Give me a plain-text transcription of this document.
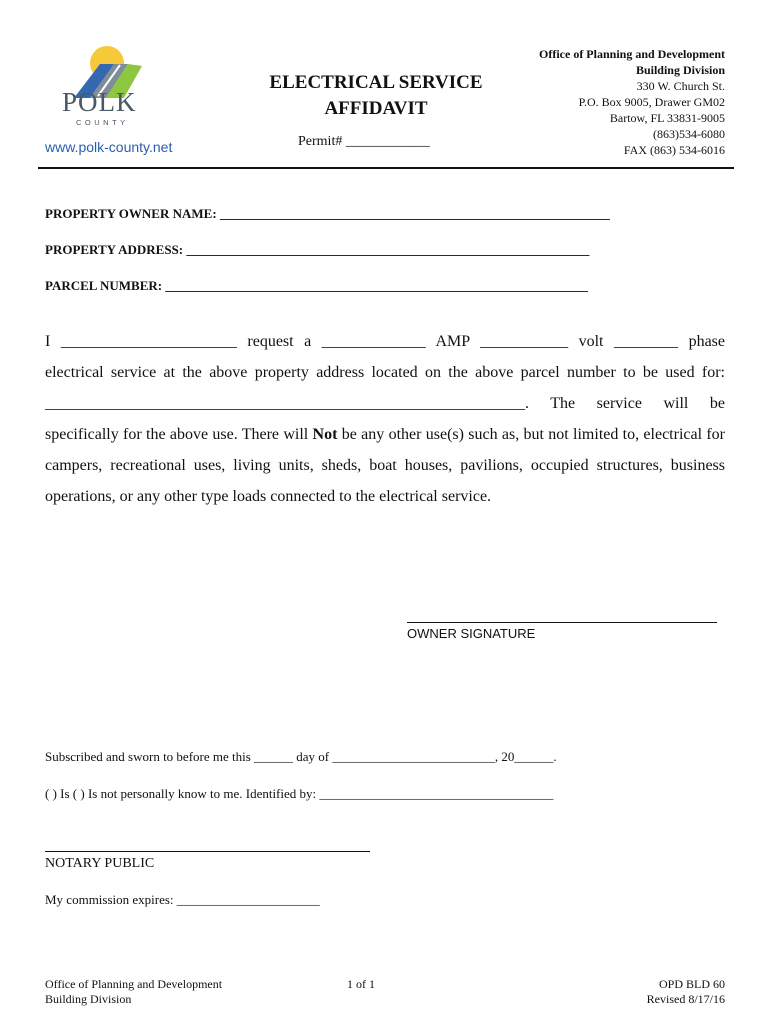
POLK
COUNTY
www.polk-county.net
ELECTRICAL SERVICE
AFFIDAVIT
Permit# ____________
Office of Planning and Development
Building Division
330 W. Church St.
P.O. Box 9005, Drawer GM02
Bartow, FL 33831-9005
(863)534-6080
FAX (863) 534-6016
PROPERTY OWNER NAME: ____________________________________________________________
PROPERTY ADDRESS: ______________________________________________________________
PARCEL NUMBER: _________________________________________________________________

I ______________________ request a _____________ AMP ___________ volt ________ phase electrical service at the above property address located on the above parcel number to be used for: ____________________________________________________________. The service will be specifically for the above use. There will Not be any other use(s) such as, but not limited to, electrical for campers, recreational uses, living units, sheds, boat houses, pavilions, occupied structures, business operations, or any other type loads connected to the electrical service.

OWNER SIGNATURE
Subscribed and sworn to before me this ______ day of _________________________, 20______.
( ) Is ( ) Is not personally know to me. Identified by: ____________________________________
NOTARY PUBLIC
My commission expires: ______________________
Office of Planning and Development
Building Division
1 of 1	OPD BLD 60
Revised 8/17/16
